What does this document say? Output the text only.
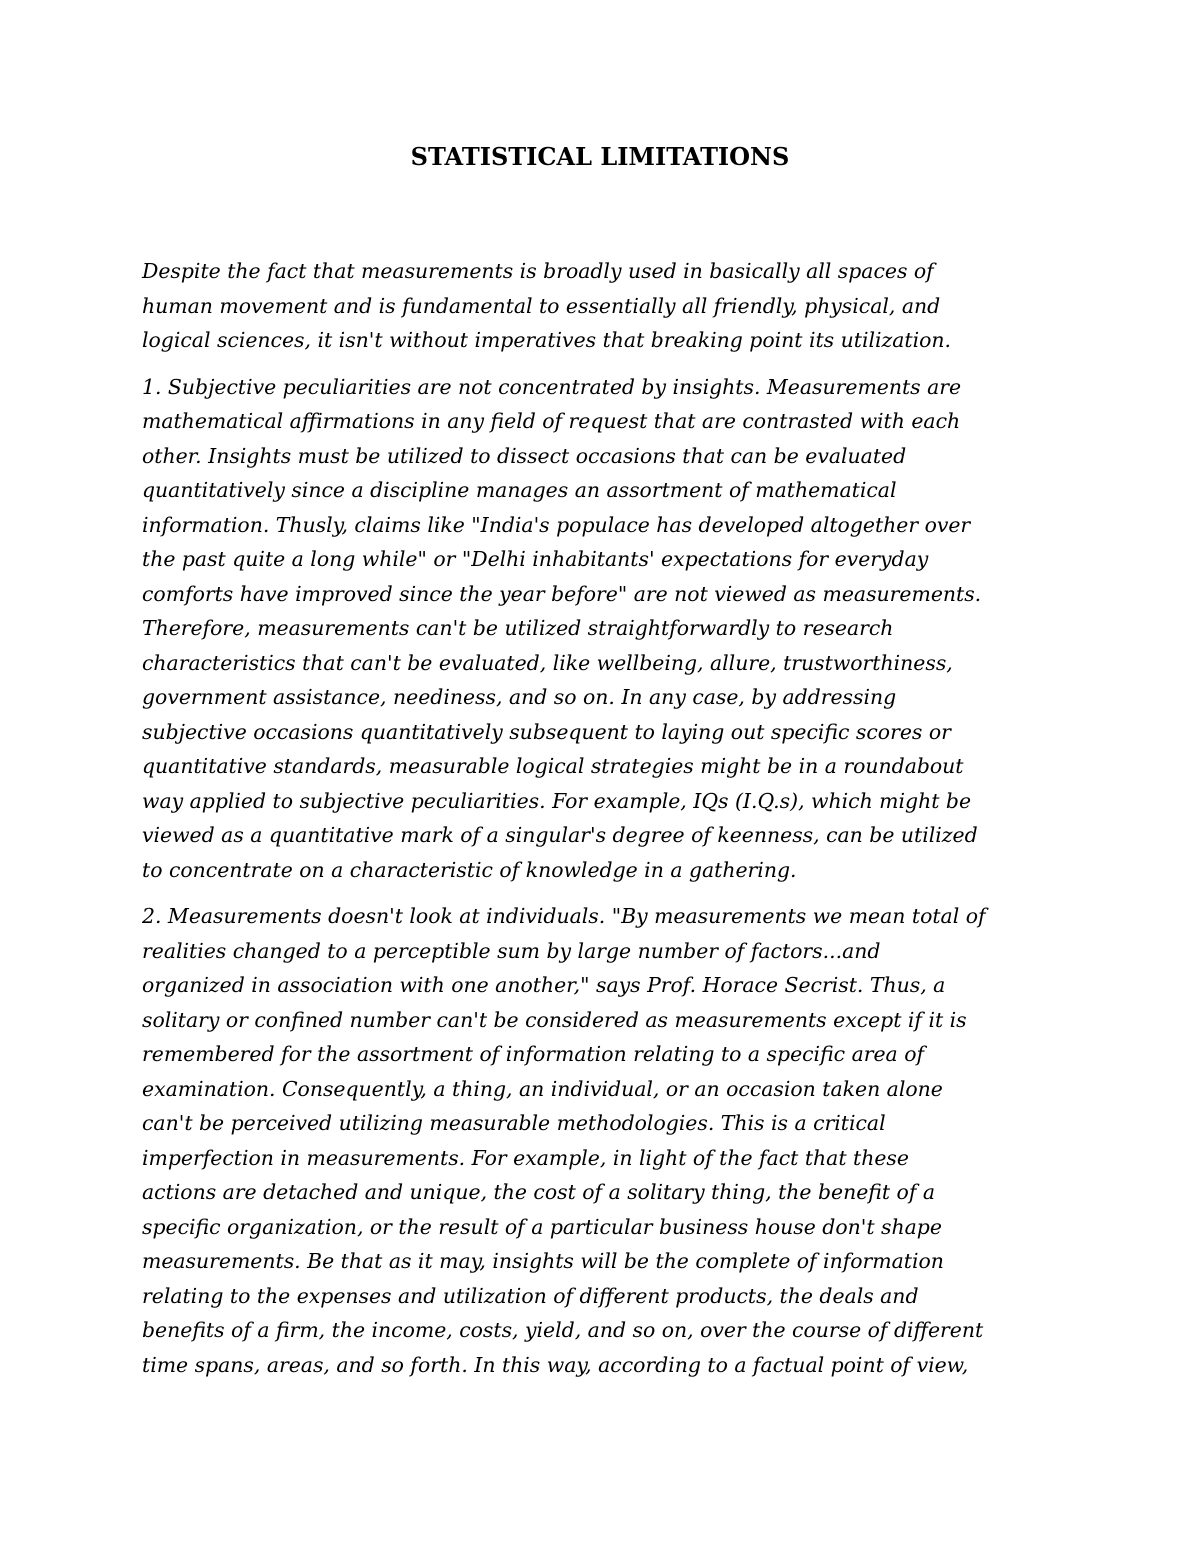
STATISTICAL LIMITATIONS

Despite the fact that measurements is broadly used in basically all spaces of
human movement and is fundamental to essentially all friendly, physical, and
logical sciences, it isn't without imperatives that breaking point its utilization.

1. Subjective peculiarities are not concentrated by insights. Measurements are
mathematical affirmations in any field of request that are contrasted with each
other. Insights must be utilized to dissect occasions that can be evaluated
quantitatively since a discipline manages an assortment of mathematical
information. Thusly, claims like "India's populace has developed altogether over
the past quite a long while" or "Delhi inhabitants' expectations for everyday
comforts have improved since the year before" are not viewed as measurements.
Therefore, measurements can't be utilized straightforwardly to research
characteristics that can't be evaluated, like wellbeing, allure, trustworthiness,
government assistance, neediness, and so on. In any case, by addressing
subjective occasions quantitatively subsequent to laying out specific scores or
quantitative standards, measurable logical strategies might be in a roundabout
way applied to subjective peculiarities. For example, IQs (I.Q.s), which might be
viewed as a quantitative mark of a singular's degree of keenness, can be utilized
to concentrate on a characteristic of knowledge in a gathering.

2. Measurements doesn't look at individuals. "By measurements we mean total of
realities changed to a perceptible sum by large number of factors...and
organized in association with one another," says Prof. Horace Secrist. Thus, a
solitary or confined number can't be considered as measurements except if it is
remembered for the assortment of information relating to a specific area of
examination. Consequently, a thing, an individual, or an occasion taken alone
can't be perceived utilizing measurable methodologies. This is a critical
imperfection in measurements. For example, in light of the fact that these
actions are detached and unique, the cost of a solitary thing, the benefit of a
specific organization, or the result of a particular business house don't shape
measurements. Be that as it may, insights will be the complete of information
relating to the expenses and utilization of different products, the deals and
benefits of a firm, the income, costs, yield, and so on, over the course of different
time spans, areas, and so forth. In this way, according to a factual point of view,
